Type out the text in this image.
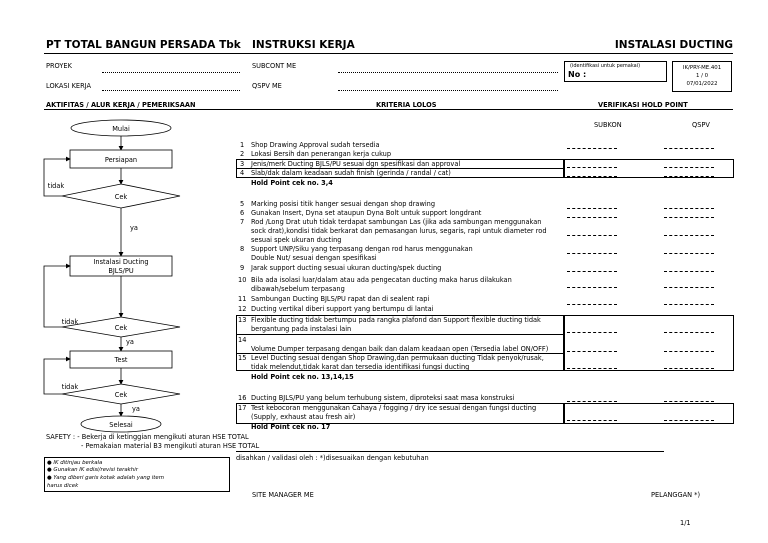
PT TOTAL BANGUN PERSADA Tbk INSTRUKSI KERJA	INSTALASI DUCTING
PROYEK
LOKASI KERJA
SUBCONT ME
QSPV ME
(identifikasi untuk pemakai)
No :
IK/PRY-ME.401
1 / 0
07/01/2022
AKTIFITAS / ALUR KERJA / PEMERIKSAAN	KRITERIA LOLOS	VERIFIKASI HOLD POINT
SUBKON	QSPV
Mulai
Persiapan
Cek
tidak
ya
Instalasi Ducting
BJLS/PU
Cek
tidak
ya
Test
Cek
tidak
ya
Selesai
1 Shop Drawing Approval sudah tersedia
2 Lokasi Bersih dan penerangan kerja cukup
3 Jenis/merk Ducting BJLS/PU sesuai dgn spesifikasi dan approval
4 Slab/dak dalam keadaan sudah finish (gerinda / randal / cat)
Hold Point cek no. 3,4
5 Marking posisi titik hanger sesuai dengan shop drawing
6 Gunakan Insert, Dyna set ataupun Dyna Bolt untuk support longdrant
7 Rod /Long Drat utuh tidak terdapat sambungan Las (jika ada sambungan menggunakan
sock drat),kondisi tidak berkarat dan pemasangan lurus, segaris, rapi untuk diameter rod
sesuai spek ukuran ducting
8 Support UNP/Siku yang terpasang dengan rod harus menggunakan
Double Nut/ sesuai dengan spesifikasi
9 Jarak support ducting sesuai ukuran ducting/spek ducting
10 Bila ada isolasi luar/dalam atau ada pengecatan ducting maka harus dilakukan
dibawah/sebelum terpasang
11 Sambungan Ducting BJLS/PU rapat dan di sealent rapi
12 Ducting vertikal diberi support yang bertumpu di lantai
13 Flexible ducting tidak bertumpu pada rangka plafond dan Support flexible ducting tidak
bergantung pada instalasi lain
14
Volume Dumper terpasang dengan baik dan dalam keadaan open (Tersedia label ON/OFF)
15 Level Ducting sesuai dengan Shop Drawing,dan permukaan ducting Tidak penyok/rusak,
tidak melendut,tidak karat dan tersedia identifikasi fungsi ducting
Hold Point cek no. 13,14,15
16 Ducting BJLS/PU yang belum terhubung sistem, diproteksi saat masa konstruksi
17 Test kebocoran menggunakan Cahaya / fogging / dry ice sesuai dengan fungsi ducting
(Supply, exhaust atau fresh air)
Hold Point cek no. 17
SAFETY : - Bekerja di ketinggian mengikuti aturan HSE TOTAL
- Pemakaian material B3 mengikuti aturan HSE TOTAL
● IK ditinjau berkala
● Gunakan IK edisi/revisi terakhir
● Yang diberi garis kotak adalah yang item
harus dicek
disahkan / validasi oleh : *)disesuaikan dengan kebutuhan
SITE MANAGER ME	PELANGGAN *)
1/1
